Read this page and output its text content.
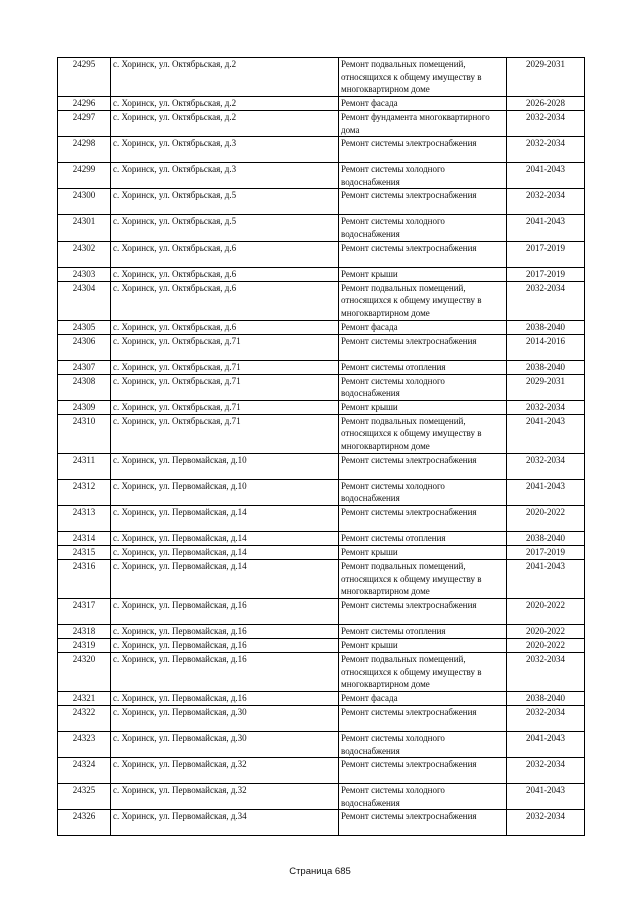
24295	с. Хоринск, ул. Октябрьская, д.2	Ремонт подвальных помещений, относящихся к общему имуществу в многоквартирном доме	2029-2031
24296	с. Хоринск, ул. Октябрьская, д.2	Ремонт фасада	2026-2028
24297	с. Хоринск, ул. Октябрьская, д.2	Ремонт фундамента многоквартирного дома	2032-2034
24298	с. Хоринск, ул. Октябрьская, д.3	Ремонт системы электроснабжения	2032-2034
24299	с. Хоринск, ул. Октябрьская, д.3	Ремонт системы холодного водоснабжения	2041-2043
24300	с. Хоринск, ул. Октябрьская, д.5	Ремонт системы электроснабжения	2032-2034
24301	с. Хоринск, ул. Октябрьская, д.5	Ремонт системы холодного водоснабжения	2041-2043
24302	с. Хоринск, ул. Октябрьская, д.6	Ремонт системы электроснабжения	2017-2019
24303	с. Хоринск, ул. Октябрьская, д.6	Ремонт крыши	2017-2019
24304	с. Хоринск, ул. Октябрьская, д.6	Ремонт подвальных помещений, относящихся к общему имуществу в многоквартирном доме	2032-2034
24305	с. Хоринск, ул. Октябрьская, д.6	Ремонт фасада	2038-2040
24306	с. Хоринск, ул. Октябрьская, д.71	Ремонт системы электроснабжения	2014-2016
24307	с. Хоринск, ул. Октябрьская, д.71	Ремонт системы отопления	2038-2040
24308	с. Хоринск, ул. Октябрьская, д.71	Ремонт системы холодного водоснабжения	2029-2031
24309	с. Хоринск, ул. Октябрьская, д.71	Ремонт крыши	2032-2034
24310	с. Хоринск, ул. Октябрьская, д.71	Ремонт подвальных помещений, относящихся к общему имуществу в многоквартирном доме	2041-2043
24311	с. Хоринск, ул. Первомайская, д.10	Ремонт системы электроснабжения	2032-2034
24312	с. Хоринск, ул. Первомайская, д.10	Ремонт системы холодного водоснабжения	2041-2043
24313	с. Хоринск, ул. Первомайская, д.14	Ремонт системы электроснабжения	2020-2022
24314	с. Хоринск, ул. Первомайская, д.14	Ремонт системы отопления	2038-2040
24315	с. Хоринск, ул. Первомайская, д.14	Ремонт крыши	2017-2019
24316	с. Хоринск, ул. Первомайская, д.14	Ремонт подвальных помещений, относящихся к общему имуществу в многоквартирном доме	2041-2043
24317	с. Хоринск, ул. Первомайская, д.16	Ремонт системы электроснабжения	2020-2022
24318	с. Хоринск, ул. Первомайская, д.16	Ремонт системы отопления	2020-2022
24319	с. Хоринск, ул. Первомайская, д.16	Ремонт крыши	2020-2022
24320	с. Хоринск, ул. Первомайская, д.16	Ремонт подвальных помещений, относящихся к общему имуществу в многоквартирном доме	2032-2034
24321	с. Хоринск, ул. Первомайская, д.16	Ремонт фасада	2038-2040
24322	с. Хоринск, ул. Первомайская, д.30	Ремонт системы электроснабжения	2032-2034
24323	с. Хоринск, ул. Первомайская, д.30	Ремонт системы холодного водоснабжения	2041-2043
24324	с. Хоринск, ул. Первомайская, д.32	Ремонт системы электроснабжения	2032-2034
24325	с. Хоринск, ул. Первомайская, д.32	Ремонт системы холодного водоснабжения	2041-2043
24326	с. Хоринск, ул. Первомайская, д.34	Ремонт системы электроснабжения	2032-2034
Страница 685
